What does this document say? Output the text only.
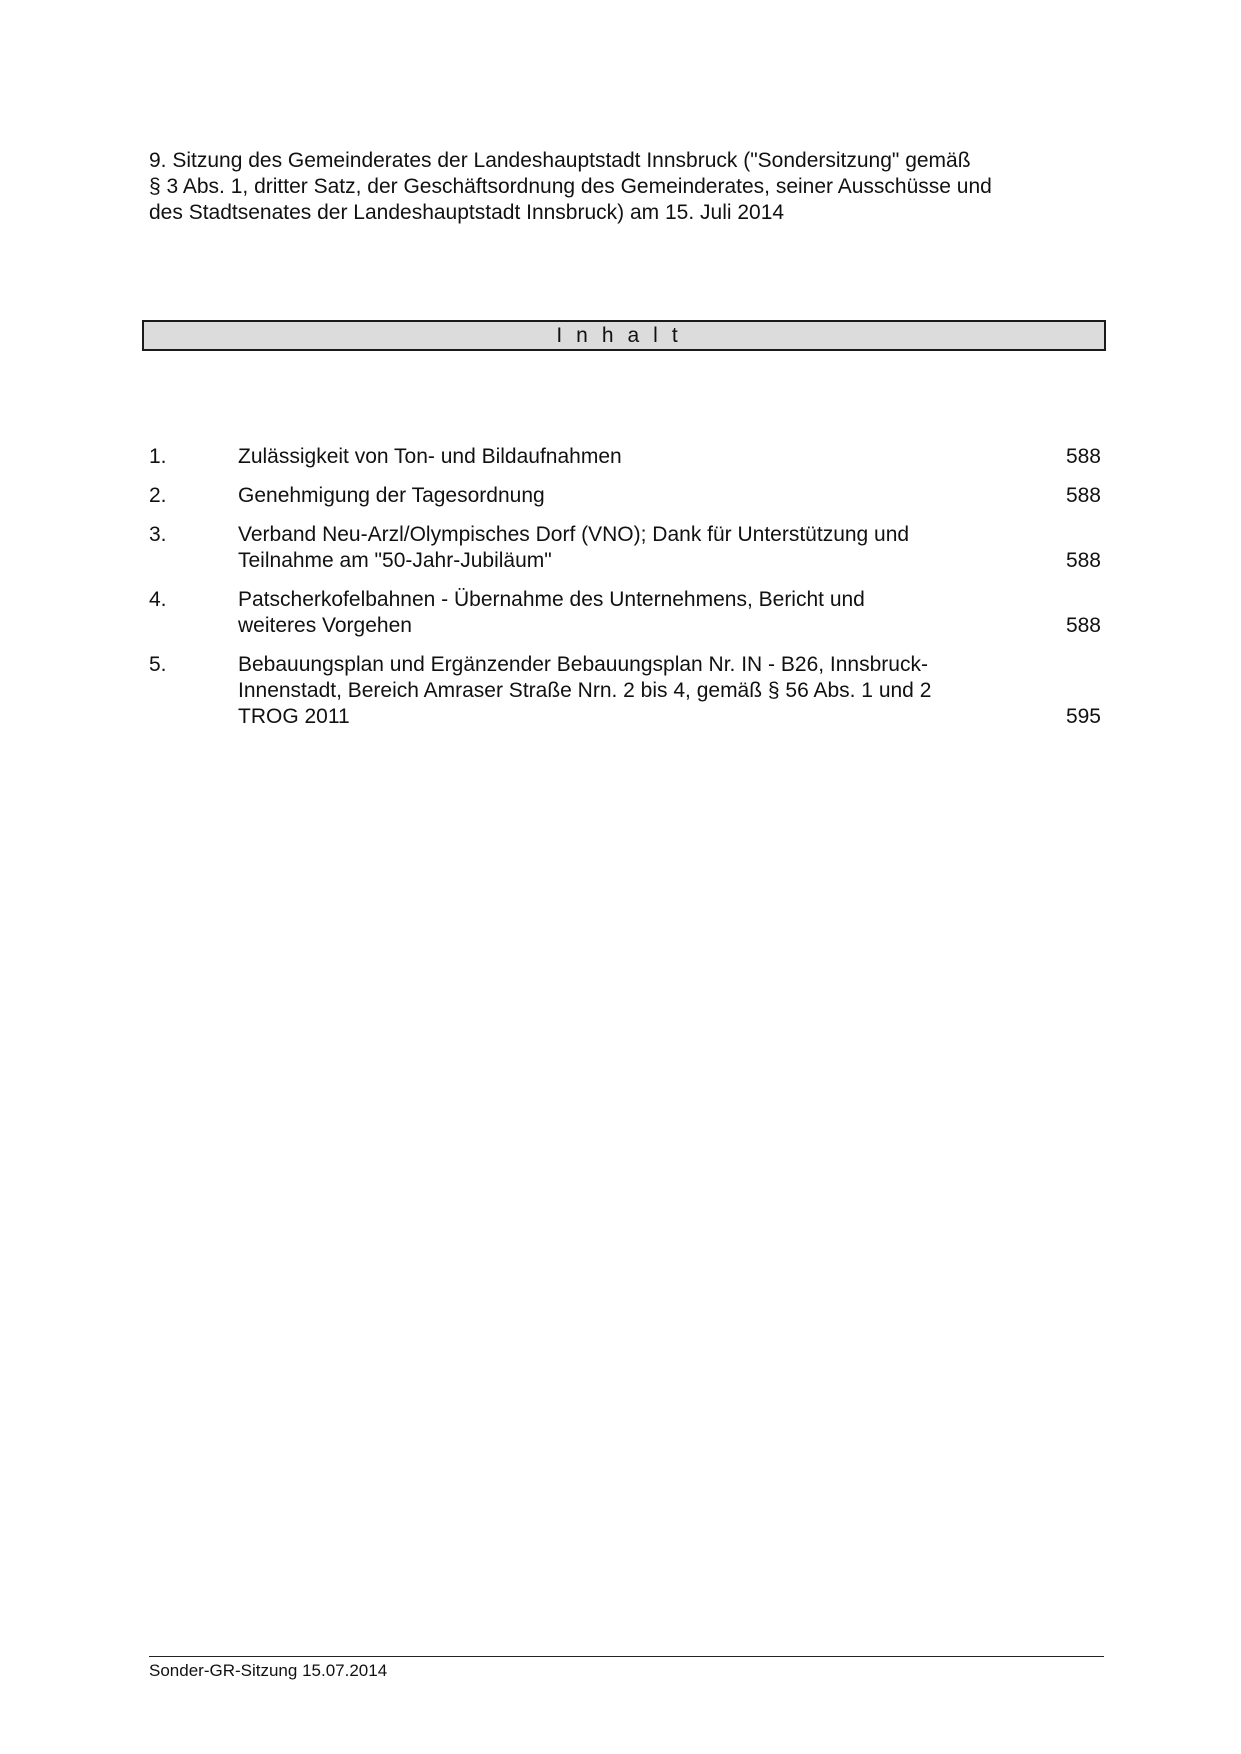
9. Sitzung des Gemeinderates der Landeshauptstadt Innsbruck ("Sondersitzung" gemäß
§ 3 Abs. 1, dritter Satz, der Geschäftsordnung des Gemeinderates, seiner Ausschüsse und
des Stadtsenates der Landeshauptstadt Innsbruck) am 15. Juli 2014
Inhalt
1.	Zulässigkeit von Ton- und Bildaufnahmen	588
2.	Genehmigung der Tagesordnung	588
3.	Verband Neu-Arzl/Olympisches Dorf (VNO); Dank für Unterstützung und
Teilnahme am "50-Jahr-Jubiläum"	588
4.	Patscherkofelbahnen - Übernahme des Unternehmens, Bericht und
weiteres Vorgehen	588
5.	Bebauungsplan und Ergänzender Bebauungsplan Nr. IN - B26, Innsbruck-
Innenstadt, Bereich Amraser Straße Nrn. 2 bis 4, gemäß § 56 Abs. 1 und 2
TROG 2011	595
Sonder-GR-Sitzung 15.07.2014
